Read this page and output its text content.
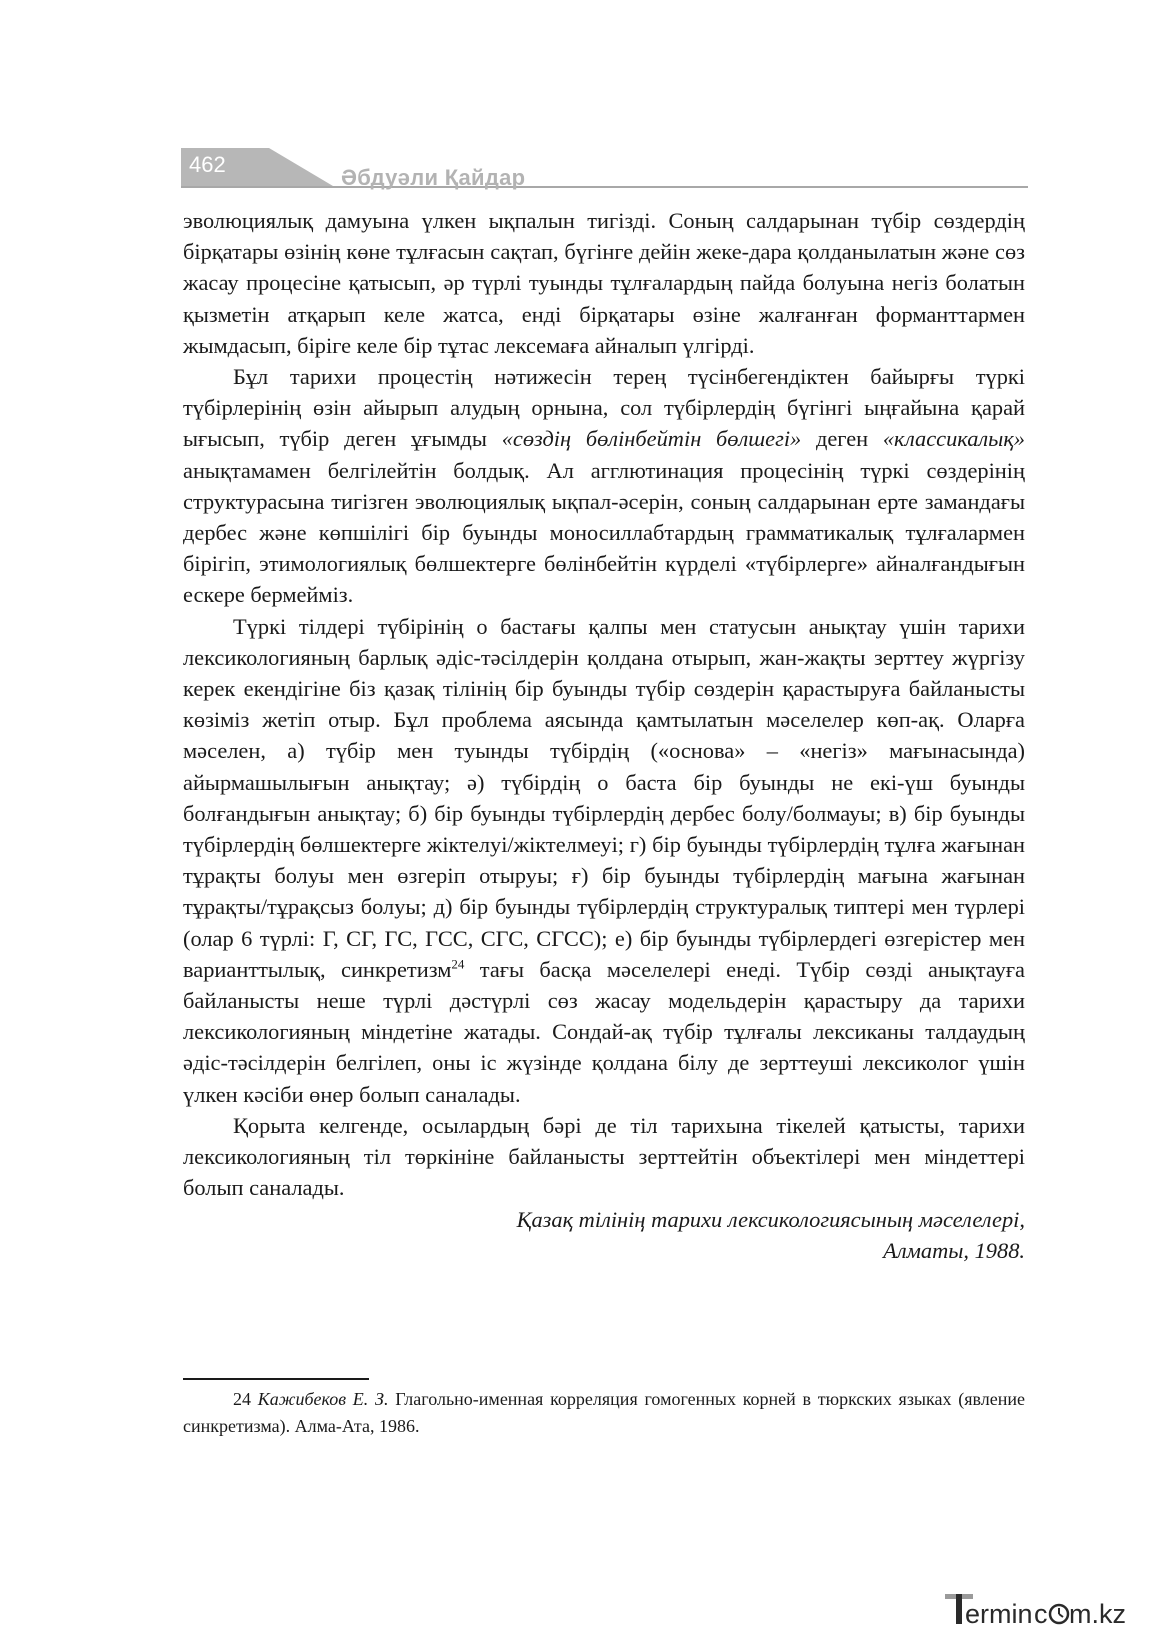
462
Әбдуәли Қайдар

эволюциялық дамуына үлкен ықпалын тигізді. Соның салдарынан түбір сөздердің бірқатары өзінің көне тұлғасын сақтап, бүгінге дейін жеке-дара қолданылатын және сөз жасау процесіне қатысып, әр түрлі туынды тұлғалардың пайда болуына негіз болатын қызметін атқарып келе жатса, енді бірқатары өзіне жалғанған форманттармен жымдасып, біріге келе бір тұтас лексемаға айналып үлгірді.

Бұл тарихи процестің нәтижесін терең түсінбегендіктен байырғы түркі түбірлерінің өзін айырып алудың орнына, сол түбірлердің бүгінгі ыңғайына қарай ығысып, түбір деген ұғымды «сөздің бөлінбейтін бөлшегі» деген «классикалық» анықтамамен белгілейтін болдық. Ал агглютинация процесінің түркі сөздерінің структурасына тигізген эволюциялық ықпал-әсерін, соның салдарынан ерте замандағы дербес және көпшілігі бір буынды моносиллабтардың грамматикалық тұлғалармен бірігіп, этимологиялық бөлшектерге бөлінбейтін күрделі «түбірлерге» айналғандығын ескере бермейміз.

Түркі тілдері түбірінің о бастағы қалпы мен статусын анықтау үшін тарихи лексикологияның барлық әдіс-тәсілдерін қолдана отырып, жан-жақты зерттеу жүргізу керек екендігіне біз қазақ тілінің бір буынды түбір сөздерін қарастыруға байланысты көзіміз жетіп отыр. Бұл проблема аясында қамтылатын мәселелер көп-ақ. Оларға мәселен, а) түбір мен туынды түбірдің («основа» – «негіз» мағынасында) айырмашылығын анықтау; ә) түбірдің о баста бір буынды не екі-үш буынды болғандығын анықтау; б) бір буынды түбірлердің дербес болу/болмауы; в) бір буынды түбірлердің бөлшектерге жіктелуі/жіктелмеуі; г) бір буынды түбірлердің тұлға жағынан тұрақты болуы мен өзгеріп отыруы; ғ) бір буынды түбірлердің мағына жағынан тұрақты/тұрақсыз болуы; д) бір буынды түбірлердің структуралық типтері мен түрлері (олар 6 түрлі: Г, СГ, ГС, ГСС, СГС, СГСС); е) бір буынды түбірлердегі өзгерістер мен варианттылық, синкретизм$^{24}$ тағы басқа мәселелері енеді. Түбір сөзді анықтауға байланысты неше түрлі дәстүрлі сөз жасау модельдерін қарастыру да тарихи лексикологияның міндетіне жатады. Сондай-ақ түбір тұлғалы лексиканы талдаудың әдіс-тәсілдерін белгілеп, оны іс жүзінде қолдана білу де зерттеуші лексиколог үшін үлкен кәсіби өнер болып саналады.

Қорыта келгенде, осылардың бәрі де тіл тарихына тікелей қатысты, тарихи лексикологияның тіл төркініне байланысты зерттейтін объектілері мен міндеттері болып саналады.

Қазақ тілінің тарихи лексикологиясының мәселелері,

Алматы, 1988.

24 Кажибеков Е. З. Глагольно-именная корреляция гомогенных корней в тюркских языках (явление синкретизма). Алма-Ата, 1986.

ermin c m.kz
